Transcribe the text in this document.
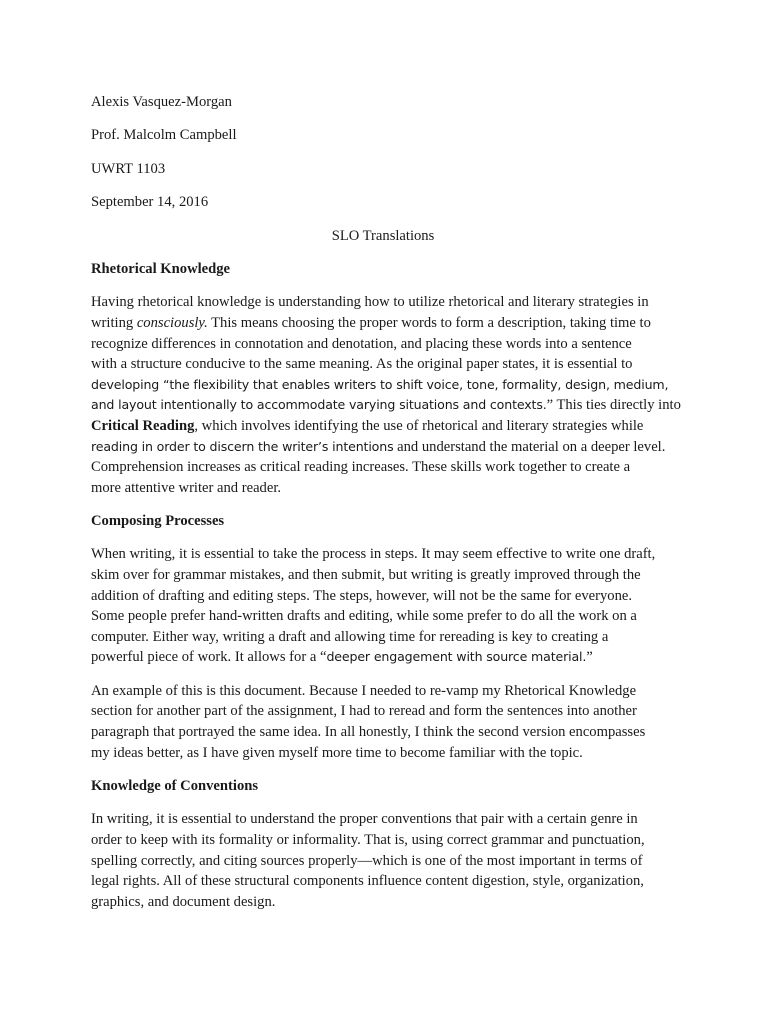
Alexis Vasquez-Morgan
Prof. Malcolm Campbell
UWRT 1103
September 14, 2016
SLO Translations
Rhetorical Knowledge
Having rhetorical knowledge is understanding how to utilize rhetorical and literary strategies in
writing consciously. This means choosing the proper words to form a description, taking time to
recognize differences in connotation and denotation, and placing these words into a sentence
with a structure conducive to the same meaning. As the original paper states, it is essential to
developing “the flexibility that enables writers to shift voice, tone, formality, design, medium,
and layout intentionally to accommodate varying situations and contexts.” This ties directly into
Critical Reading, which involves identifying the use of rhetorical and literary strategies while
reading in order to discern the writer’s intentions and understand the material on a deeper level.
Comprehension increases as critical reading increases. These skills work together to create a
more attentive writer and reader.
Composing Processes
When writing, it is essential to take the process in steps. It may seem effective to write one draft,
skim over for grammar mistakes, and then submit, but writing is greatly improved through the
addition of drafting and editing steps. The steps, however, will not be the same for everyone.
Some people prefer hand-written drafts and editing, while some prefer to do all the work on a
computer. Either way, writing a draft and allowing time for rereading is key to creating a
powerful piece of work. It allows for a “deeper engagement with source material.”
An example of this is this document. Because I needed to re-vamp my Rhetorical Knowledge
section for another part of the assignment, I had to reread and form the sentences into another
paragraph that portrayed the same idea. In all honestly, I think the second version encompasses
my ideas better, as I have given myself more time to become familiar with the topic.
Knowledge of Conventions
In writing, it is essential to understand the proper conventions that pair with a certain genre in
order to keep with its formality or informality. That is, using correct grammar and punctuation,
spelling correctly, and citing sources properly—which is one of the most important in terms of
legal rights. All of these structural components influence content digestion, style, organization,
graphics, and document design.
